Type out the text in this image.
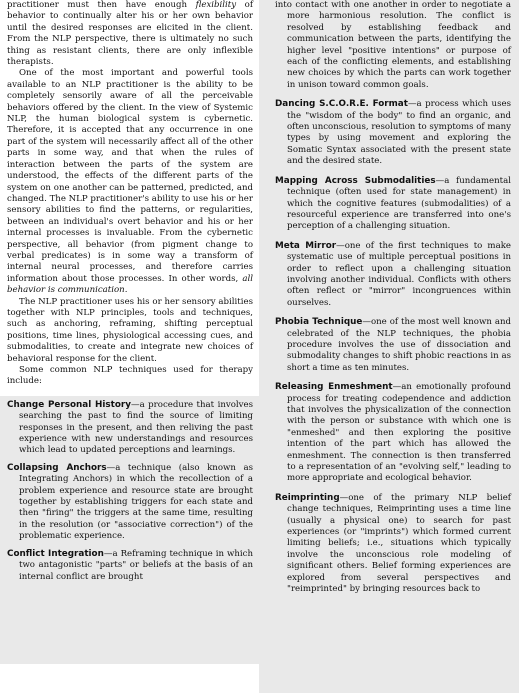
practitioner must then have enough flexibility of behavior to continually alter his or her own behavior until the desired responses are elicited in the client. From the NLP perspective, there is ultimately no such thing as resistant clients, there are only inflexible therapists.

One of the most important and powerful tools available to an NLP practitioner is the ability to be completely sensorily aware of all the perceivable behaviors offered by the client. In the view of Systemic NLP, the human biological system is cybernetic. Therefore, it is accepted that any occurrence in one part of the system will necessarily affect all of the other parts in some way, and that when the rules of interaction between the parts of the system are understood, the effects of the different parts of the system on one another can be patterned, predicted, and changed. The NLP practitioner's ability to use his or her sensory abilities to find the patterns, or regularities, between an individual's overt behavior and his or her internal processes is invaluable. From the cybernetic perspective, all behavior (from pigment change to verbal predicates) is in some way a transform of internal neural processes, and therefore carries information about those processes. In other words, all behavior is communication.

The NLP practitioner uses his or her sensory abilities together with NLP principles, tools and techniques, such as anchoring, reframing, shifting perceptual positions, time lines, physiological accessing cues, and submodalities, to create and integrate new choices of behavioral response for the client.

Some common NLP techniques used for therapy include:

Change Personal History—a procedure that involves searching the past to find the source of limiting responses in the present, and then reliving the past experience with new understandings and resources which lead to updated perceptions and learnings.

Collapsing Anchors—a technique (also known as Integrating Anchors) in which the recollection of a problem experience and resource state are brought together by establishing triggers for each state and then "firing" the triggers at the same time, resulting in the resolution (or "associative correction") of the problematic experience.

Conflict Integration—a Reframing technique in which two antagonistic "parts" or beliefs at the basis of an internal conflict are brought

into contact with one another in order to negotiate a more harmonious resolution. The conflict is resolved by establishing feedback and communication between the parts, identifying the higher level "positive intentions" or purpose of each of the conflicting elements, and establishing new choices by which the parts can work together in unison toward common goals.

Dancing S.C.O.R.E. Format—a process which uses the "wisdom of the body" to find an organic, and often unconscious, resolution to symptoms of many types by using movement and exploring the Somatic Syntax associated with the present state and the desired state.

Mapping Across Submodalities—a fundamental technique (often used for state management) in which the cognitive features (submodalities) of a resourceful experience are transferred into one's perception of a challenging situation.

Meta Mirror—one of the first techniques to make systematic use of multiple perceptual positions in order to reflect upon a challenging situation involving another individual. Conflicts with others often reflect or "mirror" incongruences within ourselves.

Phobia Technique—one of the most well known and celebrated of the NLP techniques, the phobia procedure involves the use of dissociation and submodality changes to shift phobic reactions in as short a time as ten minutes.

Releasing Enmeshment—an emotionally profound process for treating codependence and addiction that involves the physicalization of the connection with the person or substance with which one is "enmeshed" and then exploring the positive intention of the part which has allowed the enmeshment. The connection is then transferred to a representation of an "evolving self," leading to more appropriate and ecological behavior.

Reimprinting—one of the primary NLP belief change techniques, Reimprinting uses a time line (usually a physical one) to search for past experiences (or "imprints") which formed current limiting beliefs; i.e., situations which typically involve the unconscious role modeling of significant others. Belief forming experiences are explored from several perspectives and "reimprinted" by bringing resources back to
